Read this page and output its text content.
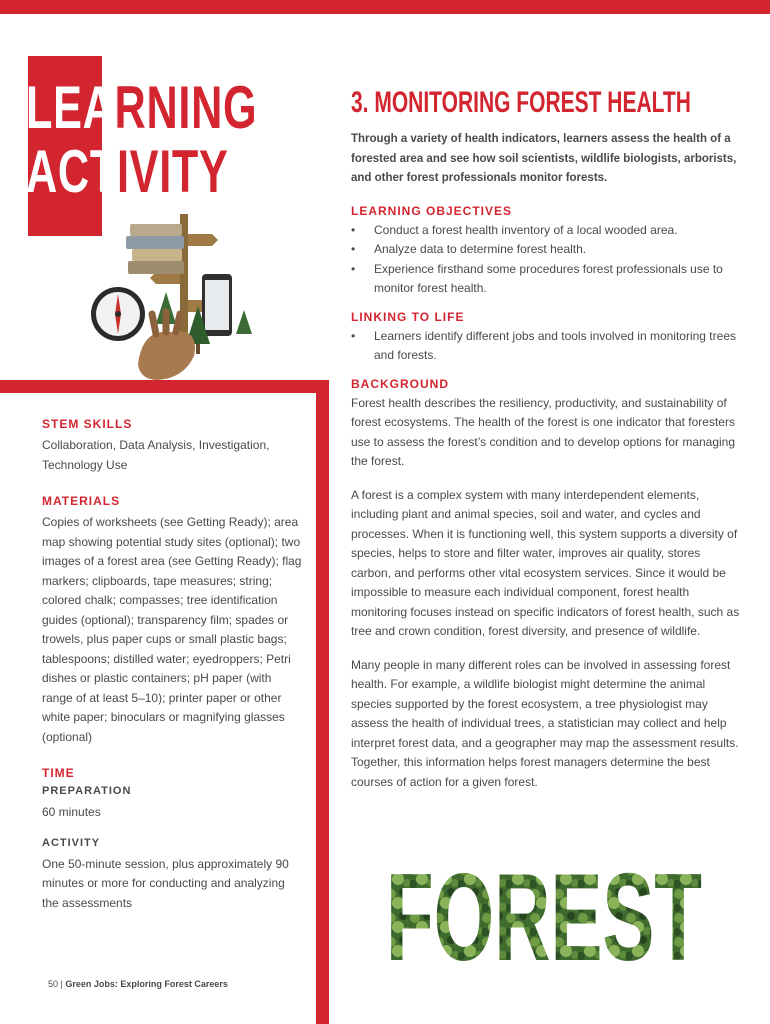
LEARNING
ACTIVITY
STEM SKILLS

Collaboration, Data Analysis, Investigation, Technology Use

MATERIALS

Copies of worksheets (see Getting Ready); area map showing potential study sites (optional); two images of a forest area (see Getting Ready); flag markers; clipboards, tape measures; string; colored chalk; compasses; tree identification guides (optional); transparency film; spades or trowels, plus paper cups or small plastic bags; tablespoons; distilled water; eyedroppers; Petri dishes or plastic containers; pH paper (with range of at least 5–10); printer paper or other white paper; binoculars or magnifying glasses (optional)

TIME
PREPARATION

60 minutes

ACTIVITY

One 50-minute session, plus approximately 90 minutes or more for conducting and analyzing the assessments

50 | Green Jobs: Exploring Forest Careers
3. MONITORING FOREST HEALTH

Through a variety of health indicators, learners assess the health of a forested area and see how soil scientists, wildlife biologists, arborists, and other forest professionals monitor forests.

LEARNING OBJECTIVES
• Conduct a forest health inventory of a local wooded area.
• Analyze data to determine forest health.
• Experience firsthand some procedures forest professionals use to monitor forest health.
LINKING TO LIFE
• Learners identify different jobs and tools involved in monitoring trees and forests.
BACKGROUND

Forest health describes the resiliency, productivity, and sustainability of forest ecosystems. The health of the forest is one indicator that foresters use to assess the forest’s condition and to develop options for managing the forest.

A forest is a complex system with many interdependent elements, including plant and animal species, soil and water, and cycles and processes. When it is functioning well, this system supports a diversity of species, helps to store and filter water, improves air quality, stores carbon, and performs other vital ecosystem services. Since it would be impossible to measure each individual component, forest health monitoring focuses instead on specific indicators of forest health, such as tree and crown condition, forest diversity, and presence of wildlife.

Many people in many different roles can be involved in assessing forest health. For example, a wildlife biologist might determine the animal species supported by the forest ecosystem, a tree physiologist may assess the health of individual trees, a statistician may collect and help interpret forest data, and a geographer may map the assessment results. Together, this information helps forest managers determine the best courses of action for a given forest.

FOREST
